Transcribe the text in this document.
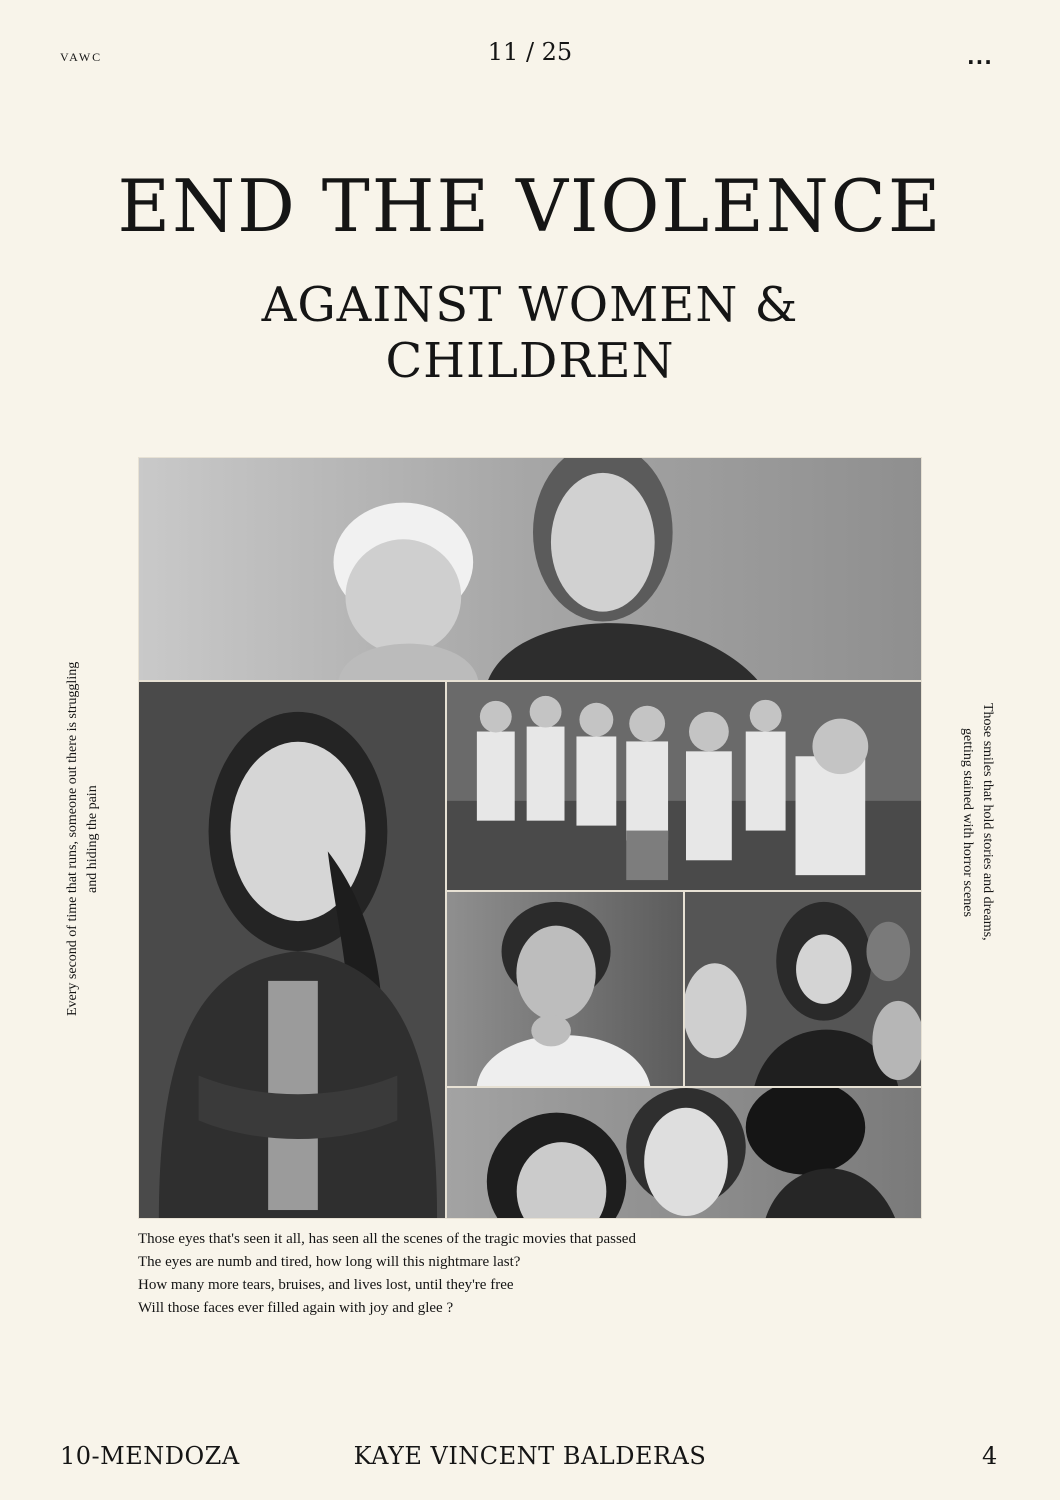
VAWC	11 / 25	...
END THE VIOLENCE
AGAINST WOMEN & CHILDREN
Every second of time that runs, someone out there is struggling and hiding the pain	Those smiles that hold stories and dreams, getting stained with horror scenes
Those eyes that's seen it all, has seen all the scenes of the tragic movies that passed
The eyes are numb and tired, how long will this nightmare last?
How many more tears, bruises, and lives lost, until they're free
Will those faces ever filled again with joy and glee ?
10-MENDOZA	KAYE VINCENT BALDERAS	4
